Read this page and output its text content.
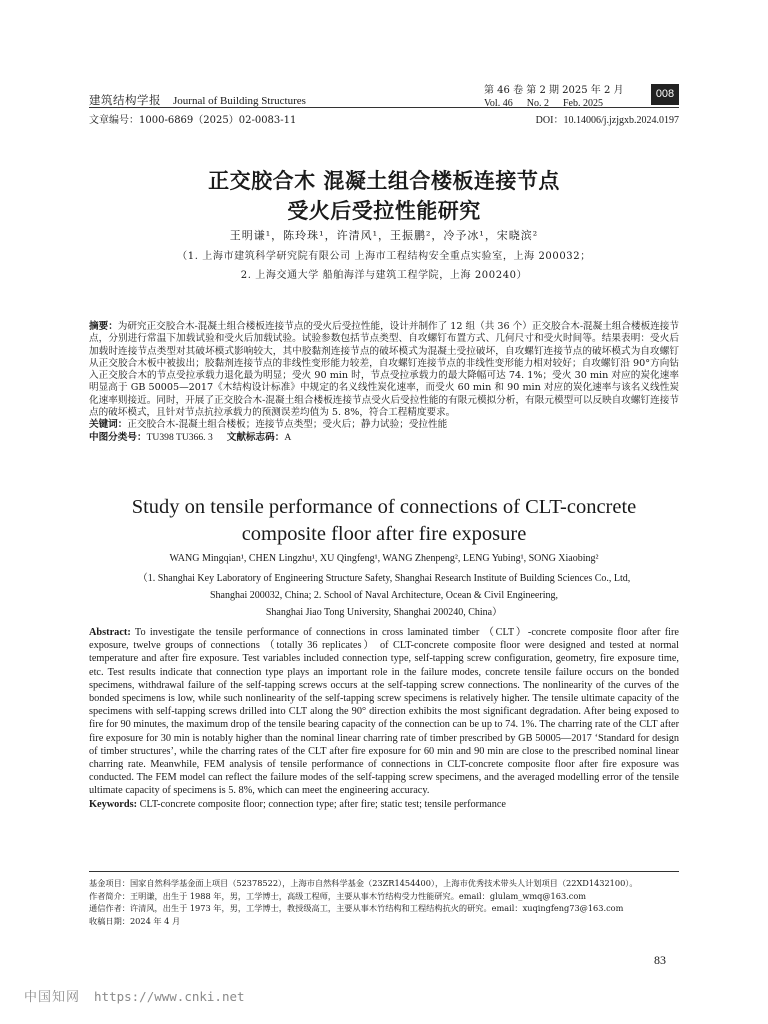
建筑结构学报 Journal of Building Structures
第 46 卷 第 2 期 2025 年 2 月
Vol. 46 No. 2 Feb. 2025
008
文章编号：1000-6869（2025）02-0083-11	DOI：10.14006/j.jzjgxb.2024.0197
正交胶合木 混凝土组合楼板连接节点
受火后受拉性能研究
王明谦¹，陈玲珠¹，许清风¹，王振鹏²，冷予冰¹，宋晓滨²
（1. 上海市建筑科学研究院有限公司 上海市工程结构安全重点实验室，上海 200032；
2. 上海交通大学 船舶海洋与建筑工程学院，上海 200240）

摘要：为研究正交胶合木-混凝土组合楼板连接节点的受火后受拉性能，设计并制作了 12 组（共 36 个）正交胶合木-混凝土组合楼板连接节点，分别进行常温下加载试验和受火后加载试验。试验参数包括节点类型、自攻螺钉布置方式、几何尺寸和受火时间等。结果表明：受火后加载时连接节点类型对其破坏模式影响较大，其中胶黏剂连接节点的破坏模式为混凝土受拉破坏，自攻螺钉连接节点的破坏模式为自攻螺钉从正交胶合木板中被拔出；胶黏剂连接节点的非线性变形能力较差，自攻螺钉连接节点的非线性变形能力相对较好；自攻螺钉沿 90°方向钻入正交胶合木的节点受拉承载力退化最为明显；受火 90 min 时，节点受拉承载力的最大降幅可达 74. 1%；受火 30 min 对应的炭化速率明显高于 GB 50005—2017《木结构设计标准》中规定的名义线性炭化速率，而受火 60 min 和 90 min 对应的炭化速率与该名义线性炭化速率则接近。同时，开展了正交胶合木-混凝土组合楼板连接节点受火后受拉性能的有限元模拟分析，有限元模型可以反映自攻螺钉连接节点的破坏模式，且针对节点抗拉承载力的预测误差均值为 5. 8%，符合工程精度要求。

关键词：正交胶合木-混凝土组合楼板；连接节点类型；受火后；静力试验；受拉性能

中图分类号：TU398 TU366. 3 文献标志码：A

Study on tensile performance of connections of CLT-concrete
composite floor after fire exposure
WANG Mingqian¹, CHEN Lingzhu¹, XU Qingfeng¹, WANG Zhenpeng², LENG Yubing¹, SONG Xiaobing²
（1. Shanghai Key Laboratory of Engineering Structure Safety, Shanghai Research Institute of Building Sciences Co., Ltd,
Shanghai 200032, China; 2. School of Naval Architecture, Ocean & Civil Engineering,
Shanghai Jiao Tong University, Shanghai 200240, China）

Abstract: To investigate the tensile performance of connections in cross laminated timber （CLT）-concrete composite floor after fire exposure, twelve groups of connections （totally 36 replicates） of CLT-concrete composite floor were designed and tested at normal temperature and after fire exposure. Test variables included connection type, self-tapping screw configuration, geometry, fire exposure time, etc. Test results indicate that connection type plays an important role in the failure modes, concrete tensile failure occurs on the bonded specimens, withdrawal failure of the self-tapping screws occurs at the self-tapping screw connections. The nonlinearity of the curves of the bonded specimens is low, while such nonlinearity of the self-tapping screw specimens is relatively higher. The tensile ultimate capacity of the specimens with self-tapping screws drilled into CLT along the 90° direction exhibits the most significant degradation. After being exposed to fire for 90 minutes, the maximum drop of the tensile bearing capacity of the connection can be up to 74. 1%. The charring rate of the CLT after fire exposure for 30 min is notably higher than the nominal linear charring rate of timber prescribed by GB 50005—2017 ‘Standard for design of timber structures’, while the charring rates of the CLT after fire exposure for 60 min and 90 min are close to the prescribed nominal linear charring rate. Meanwhile, FEM analysis of tensile performance of connections in CLT-concrete composite floor after fire exposure was conducted. The FEM model can reflect the failure modes of the self-tapping screw specimens, and the averaged modelling error of the tensile ultimate capacity of specimens is 5. 8%, which can meet the engineering accuracy.

Keywords: CLT-concrete composite floor; connection type; after fire; static test; tensile performance

基金项目：国家自然科学基金面上项目（52378522），上海市自然科学基金（23ZR1454400），上海市优秀技术带头人计划项目（22XD1432100）。

作者简介：王明谦，出生于 1988 年，男，工学博士，高级工程师，主要从事木竹结构受力性能研究。email：glulam_wmq@163.com

通信作者：许清风，出生于 1973 年，男，工学博士，教授级高工，主要从事木竹结构和工程结构抗火的研究。email：xuqingfeng73@163.com

收稿日期：2024 年 4 月

83
中国知网 https://www.cnki.net
